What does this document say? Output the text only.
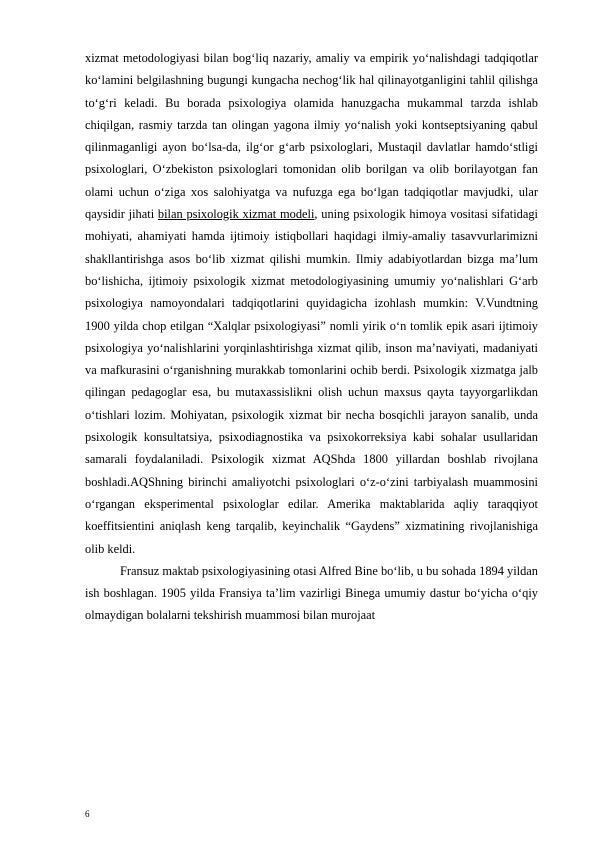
xizmat metodologiyasi bilan bog‘liq nazariy, amaliy va empirik yo‘nalishdagi tadqiqotlar ko‘lamini belgilashning bugungi kungacha nechog‘lik hal qilinayotganligini tahlil qilishga to‘g‘ri keladi. Bu borada psixologiya olamida hanuzgacha mukammal tarzda ishlab chiqilgan, rasmiy tarzda tan olingan yagona ilmiy yo‘nalish yoki kontseptsiyaning qabul qilinmaganligi ayon bo‘lsa-da, ilg‘or g‘arb psixologlari, Mustaqil davlatlar hamdo‘stligi psixologlari, O‘zbekiston psixologlari tomonidan olib borilgan va olib borilayotgan fan olami uchun o‘ziga xos salohiyatga va nufuzga ega bo‘lgan tadqiqotlar mavjudki, ular qaysidir jihati bilan psixologik xizmat modeli, uning psixologik himoya vositasi sifatidagi mohiyati, ahamiyati hamda ijtimoiy istiqbollari haqidagi ilmiy-amaliy tasavvurlarimizni shakllantirishga asos bo‘lib xizmat qilishi mumkin. Ilmiy adabiyotlardan bizga ma’lum bo‘lishicha, ijtimoiy psixologik xizmat metodologiyasining umumiy yo‘nalishlari G‘arb psixologiya namoyondalari tadqiqotlarini quyidagicha izohlash mumkin: V.Vundtning 1900 yilda chop etilgan “Xalqlar psixologiyasi” nomli yirik o‘n tomlik epik asari ijtimoiy psixologiya yo‘nalishlarini yorqinlashtirishga xizmat qilib, inson ma’naviyati, madaniyati va mafkurasini o‘rganishning murakkab tomonlarini ochib berdi. Psixologik xizmatga jalb qilingan pedagoglar esa, bu mutaxassislikni olish uchun maxsus qayta tayyorgarlikdan o‘tishlari lozim. Mohiyatan, psixologik xizmat bir necha bosqichli jarayon sanalib, unda psixologik konsultatsiya, psixodiagnostika va psixokorreksiya kabi sohalar usullaridan samarali foydalaniladi. Psixologik xizmat AQShda 1800 yillardan boshlab rivojlana boshladi.AQShning birinchi amaliyotchi psixologlari o‘z-o‘zini tarbiyalash muammosini o‘rgangan eksperimental psixologlar edilar. Amerika maktablarida aqliy taraqqiyot koeffitsientini aniqlash keng tarqalib, keyinchalik “Gaydens” xizmatining rivojlanishiga olib keldi.

Fransuz maktab psixologiyasining otasi Alfred Bine bo‘lib, u bu sohada 1894 yildan ish boshlagan. 1905 yilda Fransiya ta’lim vazirligi Binega umumiy dastur bo‘yicha o‘qiy olmaydigan bolalarni tekshirish muammosi bilan murojaat

6
